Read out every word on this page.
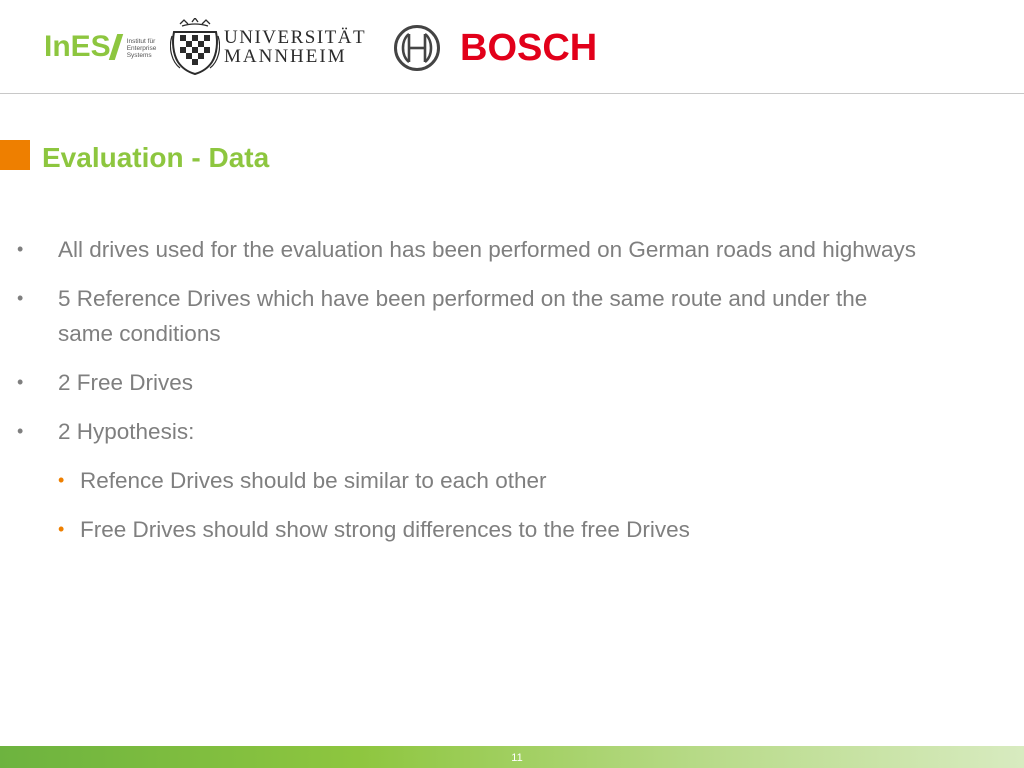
InES Institut für
Enterprise
Systems
UNIVERSITÄT
MANNHEIM	BOSCH
Evaluation - Data
• All drives used for the evaluation has been performed on German roads and highways
• 5 Reference Drives which have been performed on the same route and under the same conditions
• 2 Free Drives
• 2 Hypothesis:
• Refence Drives should be similar to each other
• Free Drives should show strong differences to the free Drives
11
